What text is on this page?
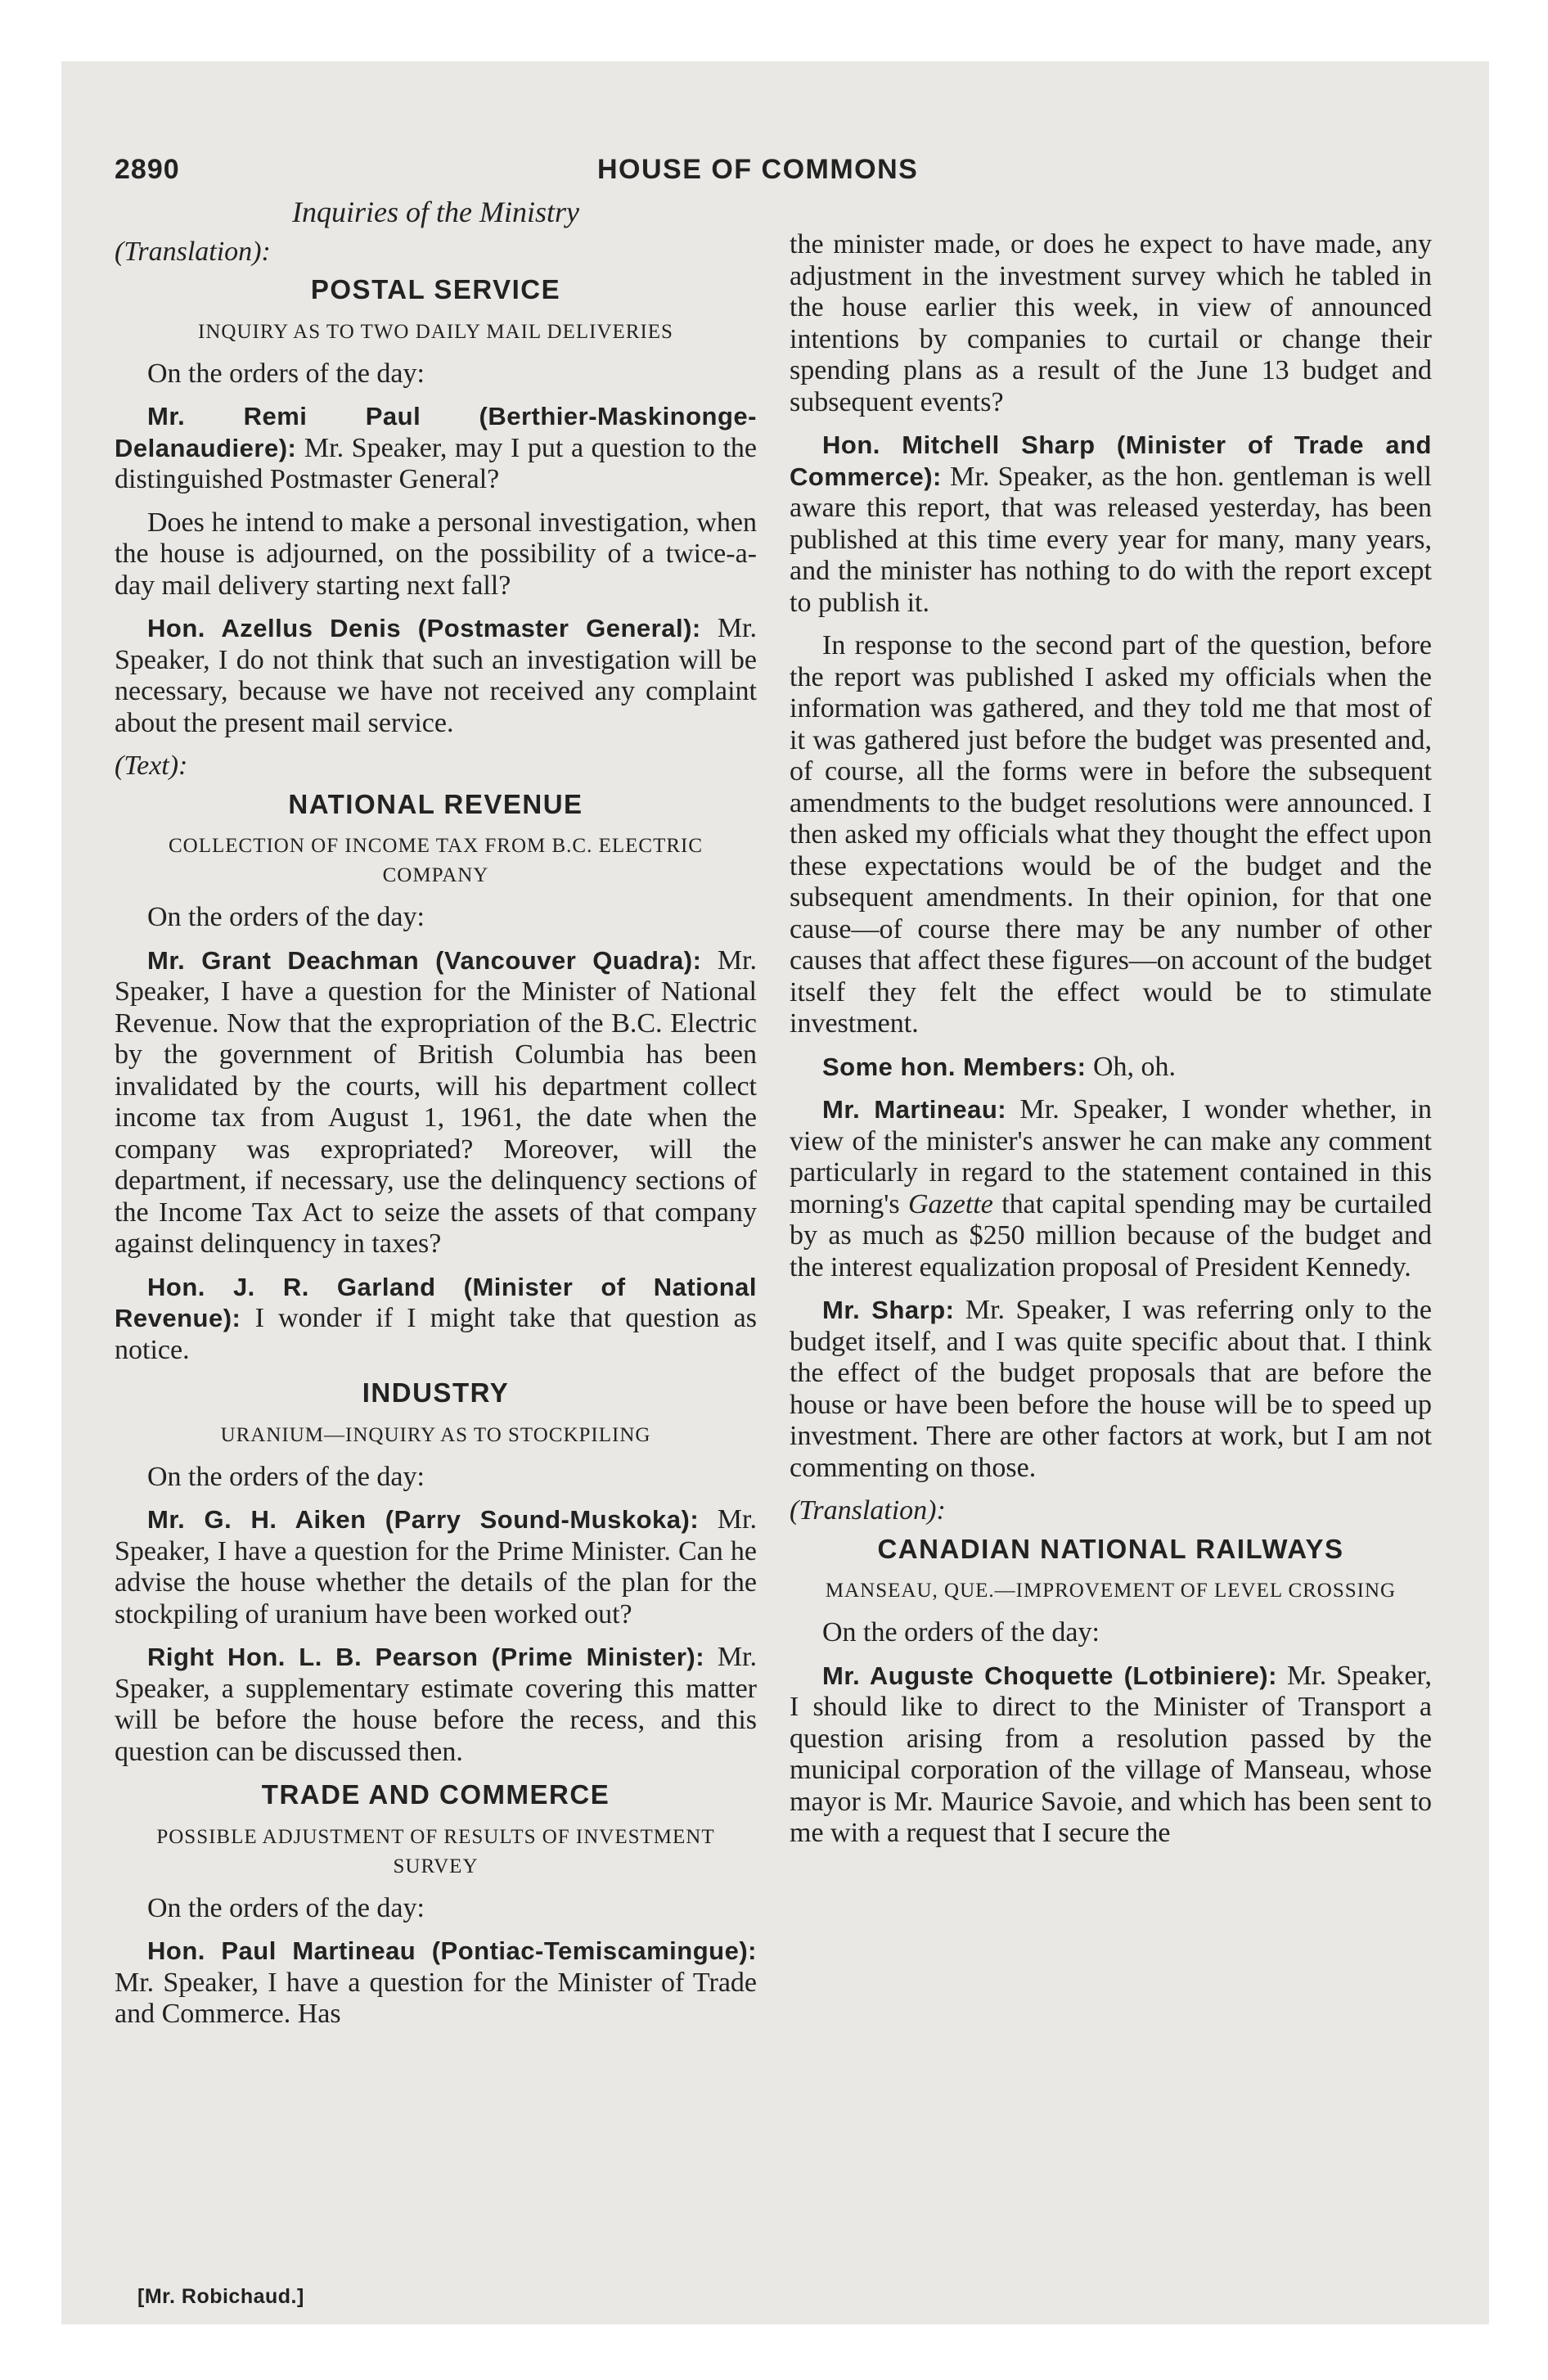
2890	HOUSE OF COMMONS
Inquiries of the Ministry
(Translation):
POSTAL SERVICE
INQUIRY AS TO TWO DAILY MAIL DELIVERIES

On the orders of the day:

Mr. Remi Paul (Berthier-Maskinonge-Delanaudiere): Mr. Speaker, may I put a question to the distinguished Postmaster General?

Does he intend to make a personal investigation, when the house is adjourned, on the possibility of a twice-a-day mail delivery starting next fall?

Hon. Azellus Denis (Postmaster General): Mr. Speaker, I do not think that such an investigation will be necessary, because we have not received any complaint about the present mail service.

(Text):
NATIONAL REVENUE
COLLECTION OF INCOME TAX FROM B.C. ELECTRIC COMPANY

On the orders of the day:

Mr. Grant Deachman (Vancouver Quadra): Mr. Speaker, I have a question for the Minister of National Revenue. Now that the expropriation of the B.C. Electric by the government of British Columbia has been invalidated by the courts, will his department collect income tax from August 1, 1961, the date when the company was expropriated? Moreover, will the department, if necessary, use the delinquency sections of the Income Tax Act to seize the assets of that company against delinquency in taxes?

Hon. J. R. Garland (Minister of National Revenue): I wonder if I might take that question as notice.

INDUSTRY
URANIUM—INQUIRY AS TO STOCKPILING

On the orders of the day:

Mr. G. H. Aiken (Parry Sound-Muskoka): Mr. Speaker, I have a question for the Prime Minister. Can he advise the house whether the details of the plan for the stockpiling of uranium have been worked out?

Right Hon. L. B. Pearson (Prime Minister): Mr. Speaker, a supplementary estimate covering this matter will be before the house before the recess, and this question can be discussed then.

TRADE AND COMMERCE
POSSIBLE ADJUSTMENT OF RESULTS OF INVESTMENT SURVEY

On the orders of the day:

Hon. Paul Martineau (Pontiac-Temiscamingue): Mr. Speaker, I have a question for the Minister of Trade and Commerce. Has

the minister made, or does he expect to have made, any adjustment in the investment survey which he tabled in the house earlier this week, in view of announced intentions by companies to curtail or change their spending plans as a result of the June 13 budget and subsequent events?

Hon. Mitchell Sharp (Minister of Trade and Commerce): Mr. Speaker, as the hon. gentleman is well aware this report, that was released yesterday, has been published at this time every year for many, many years, and the minister has nothing to do with the report except to publish it.

In response to the second part of the question, before the report was published I asked my officials when the information was gathered, and they told me that most of it was gathered just before the budget was presented and, of course, all the forms were in before the subsequent amendments to the budget resolutions were announced. I then asked my officials what they thought the effect upon these expectations would be of the budget and the subsequent amendments. In their opinion, for that one cause—of course there may be any number of other causes that affect these figures—on account of the budget itself they felt the effect would be to stimulate investment.

Some hon. Members: Oh, oh.

Mr. Martineau: Mr. Speaker, I wonder whether, in view of the minister's answer he can make any comment particularly in regard to the statement contained in this morning's Gazette that capital spending may be curtailed by as much as $250 million because of the budget and the interest equalization proposal of President Kennedy.

Mr. Sharp: Mr. Speaker, I was referring only to the budget itself, and I was quite specific about that. I think the effect of the budget proposals that are before the house or have been before the house will be to speed up investment. There are other factors at work, but I am not commenting on those.

(Translation):
CANADIAN NATIONAL RAILWAYS
MANSEAU, QUE.—IMPROVEMENT OF LEVEL CROSSING

On the orders of the day:

Mr. Auguste Choquette (Lotbiniere): Mr. Speaker, I should like to direct to the Minister of Transport a question arising from a resolution passed by the municipal corporation of the village of Manseau, whose mayor is Mr. Maurice Savoie, and which has been sent to me with a request that I secure the

[Mr. Robichaud.]
